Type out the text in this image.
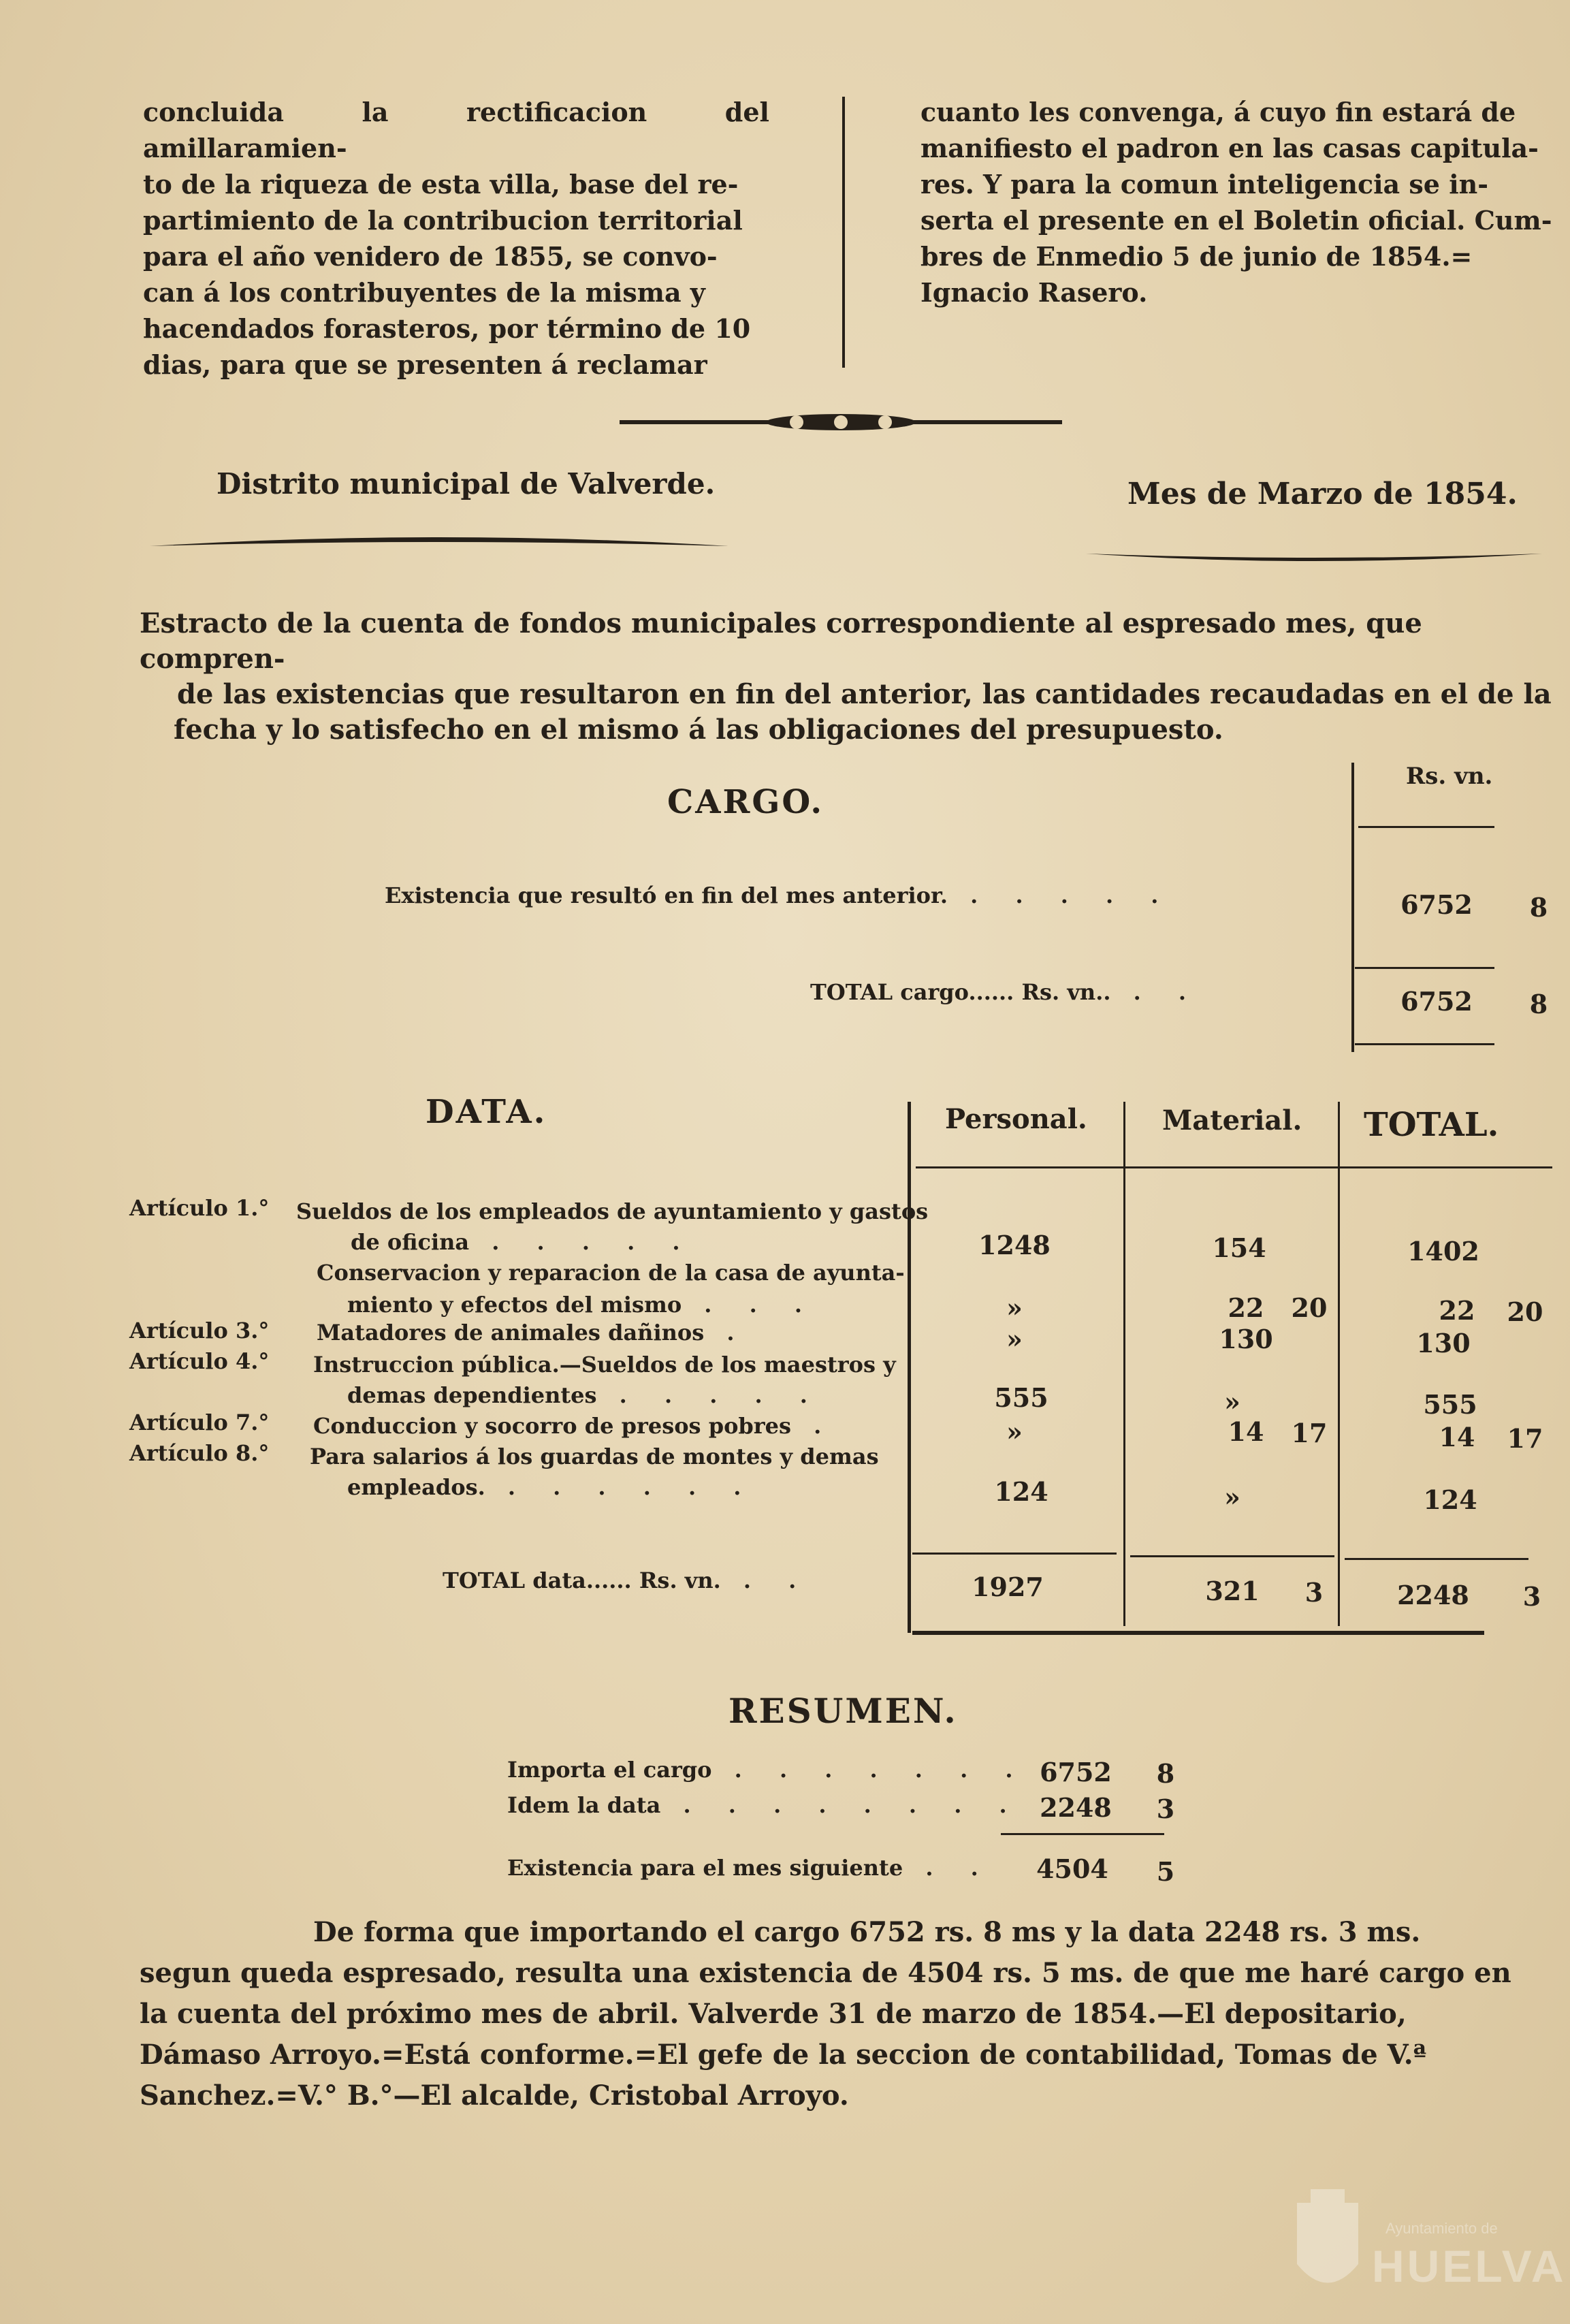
concluida la rectificacion del amillaramien-
to de la riqueza de esta villa, base del re-
partimiento de la contribucion territorial
para el año venidero de 1855, se convo-
can á los contribuyentes de la misma y
hacendados forasteros, por término de 10
dias, para que se presenten á reclamar
cuanto les convenga, á cuyo fin estará de
manifiesto el padron en las casas capitula-
res. Y para la comun inteligencia se in-
serta el presente en el Boletin oficial. Cum-
bres de Enmedio 5 de junio de 1854.=
Ignacio Rasero.
Distrito municipal de Valverde.	Mes de Marzo de 1854.
Estracto de la cuenta de fondos municipales correspondiente al espresado mes, que compren-
de las existencias que resultaron en fin del anterior, las cantidades recaudadas en el de la
fecha y lo satisfecho en el mismo á las obligaciones del presupuesto.
CARGO.
Rs. vn.
Existencia que resultó en fin del mes anterior. . . . . .	6752	8
TOTAL cargo...... Rs. vn.. . .	6752	8
DATA.	Personal.	Material. TOTAL.
Artículo 1.° Sueldos de los empleados de ayuntamiento y gastos
de oficina . . . . .	1248	154	1402
Conservacion y reparacion de la casa de ayunta-
miento y efectos del mismo . . .	»	22	20	22	20
Artículo 3.° Matadores de animales dañinos .	»	130	130
Artículo 4.° Instruccion pública.—Sueldos de los maestros y
demas dependientes . . . . .	555	»	555
Artículo 7.° Conduccion y socorro de presos pobres .	»	14	17	14	17
Artículo 8.° Para salarios á los guardas de montes y demas
empleados. . . . . . .	124	»	124
TOTAL data...... Rs. vn. . .	1927	321	3	2248	3
RESUMEN.
Importa el cargo . . . . . . . 6752	8
Idem la data . . . . . . . . 2248	3
Existencia para el mes siguiente . .	4504	5
De forma que importando el cargo 6752 rs. 8 ms y la data 2248 rs. 3 ms.
segun queda espresado, resulta una existencia de 4504 rs. 5 ms. de que me haré cargo en
la cuenta del próximo mes de abril. Valverde 31 de marzo de 1854.—El depositario,
Dámaso Arroyo.=Está conforme.=El gefe de la seccion de contabilidad, Tomas de V.ª
Sanchez.=V.° B.°—El alcalde, Cristobal Arroyo.
Ayuntamiento de
HUELVA
